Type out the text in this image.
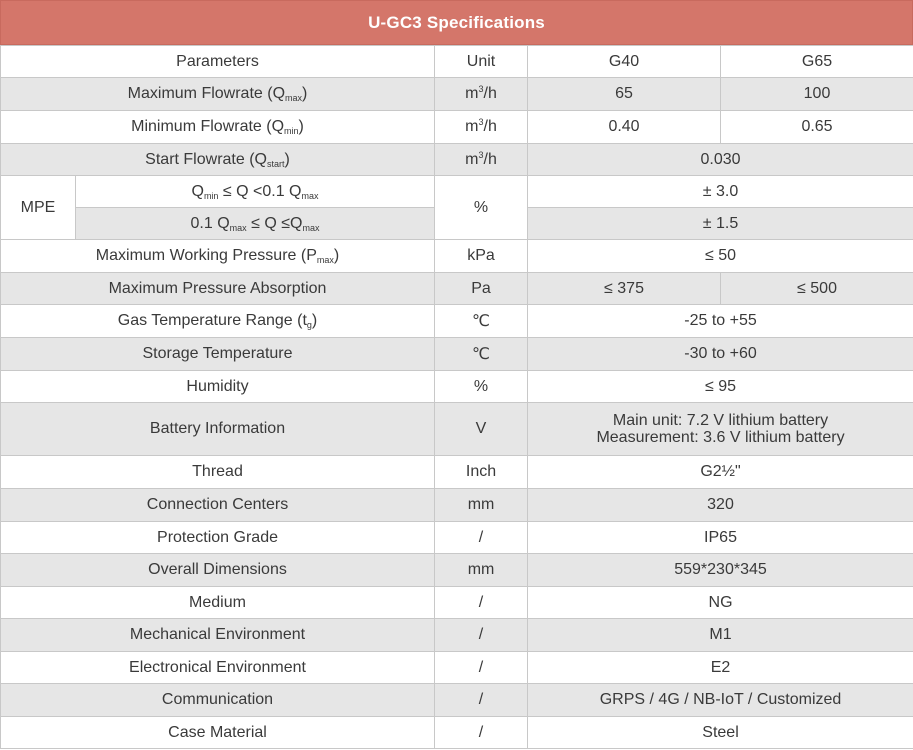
U-GC3 Specifications
Parameters		Unit	G40	G65
Maximum Flowrate $(Q_{max})$		$m^3/h$	65	100
Minimum Flowrate $(Q_{min})$		$m^3/h$	0.40	0.65
Start Flowrate $(Q_{start})$		$m^3/h$	0.030	
MPE	$Q_{min} \le Q <0.1$ $Q_{max}$	%	± 3.0	
	0.1 $Q_{max} \le Q \le Q_{max}$		± 1.5	
Maximum Working Pressure $(P_{max})$		kPa	≤ 50	
Maximum Pressure Absorption		Pa	≤ 375	≤ 500
Gas Temperature Range $(t_g)$		℃	-25 to +55	
Storage Temperature		℃	-30 to +60	
Humidity		%	≤ 95	
Battery Information		V	Main unit: 7.2 V lithium battery
Measurement: 3.6 V lithium battery	

Thread		Inch	G2½"	
Connection Centers		mm	320	
Protection Grade		/	IP65	
Overall Dimensions		mm	559*230*345	
Medium		/	NG	
Mechanical Environment		/	M1	
Electronical Environment		/	E2	
Communication		/	GRPS / 4G / NB-IoT / Customized	
Case Material		/	Steel	
